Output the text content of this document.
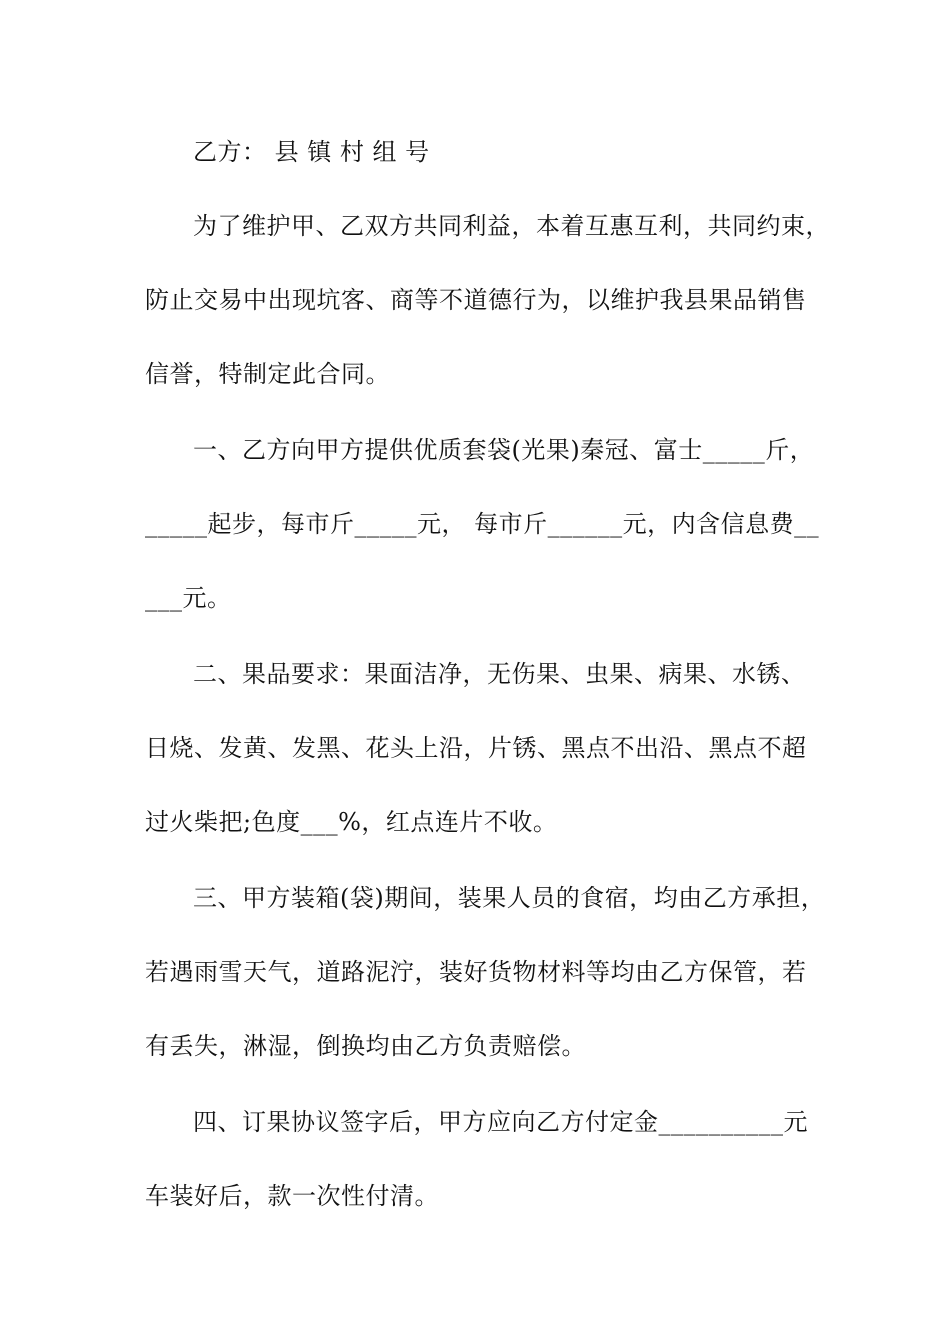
乙方： 县 镇 村 组 号
为了维护甲、乙双方共同利益，本着互惠互利，共同约束，
防止交易中出现坑客、商等不道德行为，以维护我县果品销售
信誉，特制定此合同。
一、乙方向甲方提供优质套袋(光果)秦冠、富士_____斤，
_____起步，每市斤_____元， 每市斤______元，内含信息费__
___元。
二、果品要求：果面洁净，无伤果、虫果、病果、水锈、
日烧、发黄、发黑、花头上沿，片锈、黑点不出沿、黑点不超
过火柴把;色度___%，红点连片不收。
三、甲方装箱(袋)期间，装果人员的食宿，均由乙方承担，
若遇雨雪天气，道路泥泞，装好货物材料等均由乙方保管，若
有丢失，淋湿，倒换均由乙方负责赔偿。
四、订果协议签字后，甲方应向乙方付定金__________元
车装好后，款一次性付清。
